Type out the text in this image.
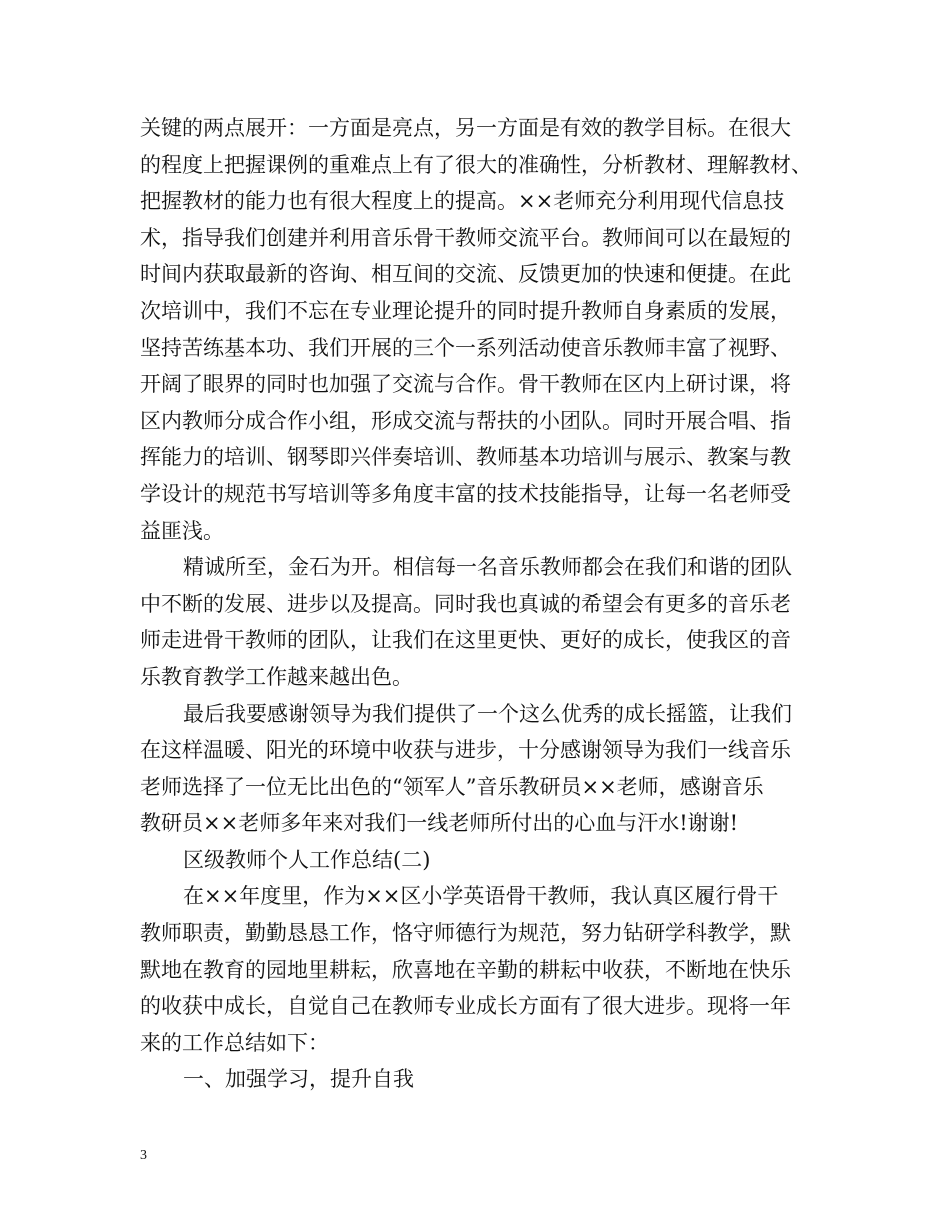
关键的两点展开：一方面是亮点，另一方面是有效的教学目标。在很大
的程度上把握课例的重难点上有了很大的准确性，分析教材、理解教材、
把握教材的能力也有很大程度上的提高。××老师充分利用现代信息技
术，指导我们创建并利用音乐骨干教师交流平台。教师间可以在最短的
时间内获取最新的咨询、相互间的交流、反馈更加的快速和便捷。在此
次培训中，我们不忘在专业理论提升的同时提升教师自身素质的发展，
坚持苦练基本功、我们开展的三个一系列活动使音乐教师丰富了视野、
开阔了眼界的同时也加强了交流与合作。骨干教师在区内上研讨课，将
区内教师分成合作小组，形成交流与帮扶的小团队。同时开展合唱、指
挥能力的培训、钢琴即兴伴奏培训、教师基本功培训与展示、教案与教
学设计的规范书写培训等多角度丰富的技术技能指导，让每一名老师受
益匪浅。
精诚所至，金石为开。相信每一名音乐教师都会在我们和谐的团队
中不断的发展、进步以及提高。同时我也真诚的希望会有更多的音乐老
师走进骨干教师的团队，让我们在这里更快、更好的成长，使我区的音
乐教育教学工作越来越出色。
最后我要感谢领导为我们提供了一个这么优秀的成长摇篮，让我们
在这样温暖、阳光的环境中收获与进步，十分感谢领导为我们一线音乐
老师选择了一位无比出色的“领军人”音乐教研员××老师，感谢音乐
教研员××老师多年来对我们一线老师所付出的心血与汗水!谢谢!
区级教师个人工作总结(二)
在××年度里，作为××区小学英语骨干教师，我认真区履行骨干
教师职责，勤勤恳恳工作，恪守师德行为规范，努力钻研学科教学，默
默地在教育的园地里耕耘，欣喜地在辛勤的耕耘中收获，不断地在快乐
的收获中成长，自觉自己在教师专业成长方面有了很大进步。现将一年
来的工作总结如下：
一、加强学习，提升自我
3
